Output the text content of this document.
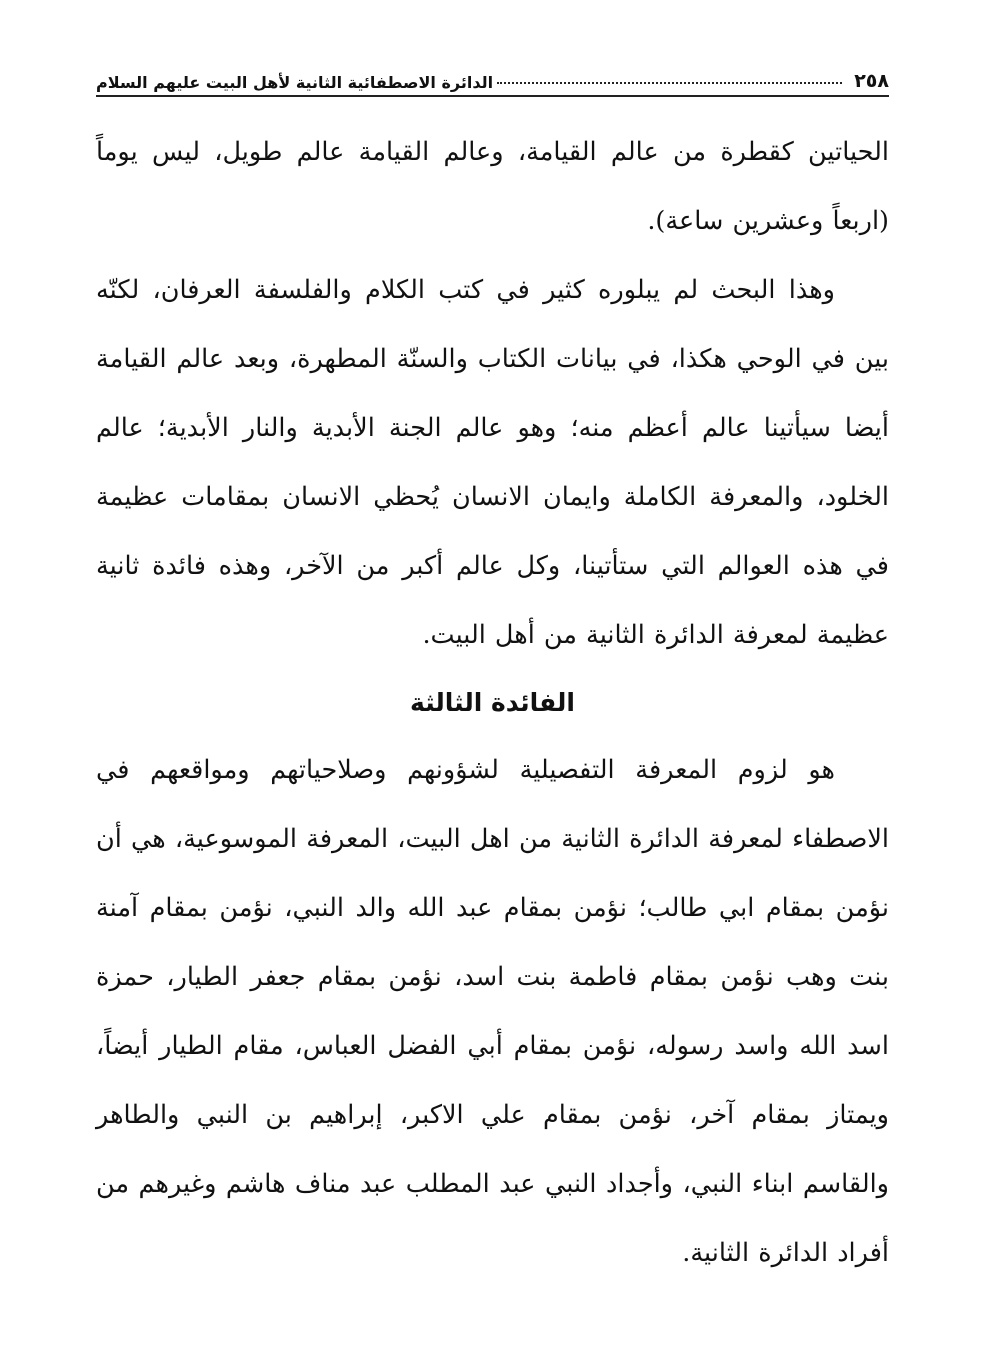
٢٥٨
الدائرة الاصطفائية الثانية لأهل البيت عليهم السلام

الحياتين كقطرة من عالم القيامة، وعالم القيامة عالم طويل، ليس يوماً (اربعاً وعشرين ساعة).

وهذا البحث لم يبلوره كثير في كتب الكلام والفلسفة العرفان، لكنّه بين في الوحي هكذا، في بيانات الكتاب والسنّة المطهرة، وبعد عالم القيامة أيضا سيأتينا عالم أعظم منه؛ وهو عالم الجنة الأبدية والنار الأبدية؛ عالم الخلود، والمعرفة الكاملة وايمان الانسان يُحظي الانسان بمقامات عظيمة في هذه العوالم التي ستأتينا، وكل عالم أكبر من الآخر، وهذه فائدة ثانية عظيمة لمعرفة الدائرة الثانية من أهل البيت.

الفائدة الثالثة

هو لزوم المعرفة التفصيلية لشؤونهم وصلاحياتهم ومواقعهم في الاصطفاء لمعرفة الدائرة الثانية من اهل البيت، المعرفة الموسوعية، هي أن نؤمن بمقام ابي طالب؛ نؤمن بمقام عبد الله والد النبي، نؤمن بمقام آمنة بنت وهب نؤمن بمقام فاطمة بنت اسد، نؤمن بمقام جعفر الطيار، حمزة اسد الله واسد رسوله، نؤمن بمقام أبي الفضل العباس، مقام الطيار أيضاً، ويمتاز بمقام آخر، نؤمن بمقام علي الاكبر، إبراهيم بن النبي والطاهر والقاسم ابناء النبي، وأجداد النبي عبد المطلب عبد مناف هاشم وغيرهم من أفراد الدائرة الثانية.
